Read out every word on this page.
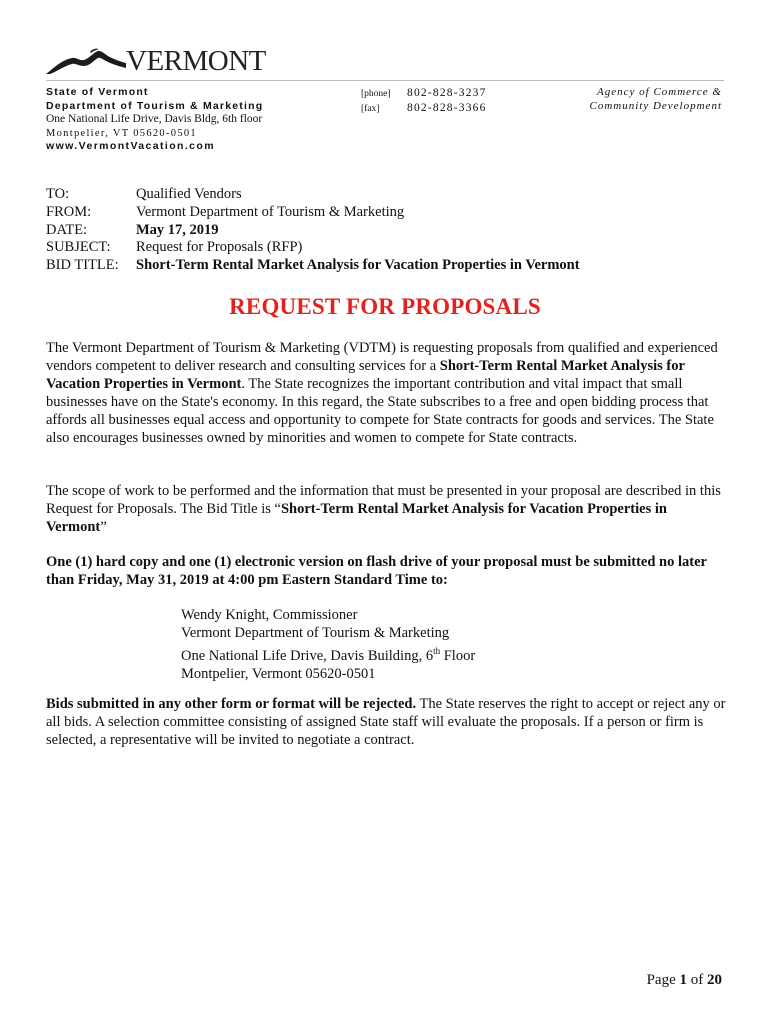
VERMONT
State of Vermont
Department of Tourism & Marketing
One National Life Drive, Davis Bldg, 6th floor
Montpelier, VT 05620-0501
www.VermontVacation.com
[phone] 802-828-3237
[fax] 802-828-3366
Agency of Commerce &
Community Development
TO:	Qualified Vendors
FROM:	Vermont Department of Tourism & Marketing
DATE:	May 17, 2019
SUBJECT:	Request for Proposals (RFP)
BID TITLE:	Short-Term Rental Market Analysis for Vacation Properties in Vermont
REQUEST FOR PROPOSALS
The Vermont Department of Tourism & Marketing (VDTM) is requesting proposals from qualified and experienced vendors competent to deliver research and consulting services for a Short-Term Rental Market Analysis for Vacation Properties in Vermont. The State recognizes the important contribution and vital impact that small businesses have on the State's economy. In this regard, the State subscribes to a free and open bidding process that affords all businesses equal access and opportunity to compete for State contracts for goods and services. The State also encourages businesses owned by minorities and women to compete for State contracts.
The scope of work to be performed and the information that must be presented in your proposal are described in this Request for Proposals. The Bid Title is “Short-Term Rental Market Analysis for Vacation Properties in Vermont”
One (1) hard copy and one (1) electronic version on flash drive of your proposal must be submitted no later than Friday, May 31, 2019 at 4:00 pm Eastern Standard Time to:
Wendy Knight, Commissioner
Vermont Department of Tourism & Marketing
One National Life Drive, Davis Building, 6th Floor
Montpelier, Vermont 05620-0501
Bids submitted in any other form or format will be rejected. The State reserves the right to accept or reject any or all bids. A selection committee consisting of assigned State staff will evaluate the proposals. If a person or firm is selected, a representative will be invited to negotiate a contract.
Page 1 of 20
